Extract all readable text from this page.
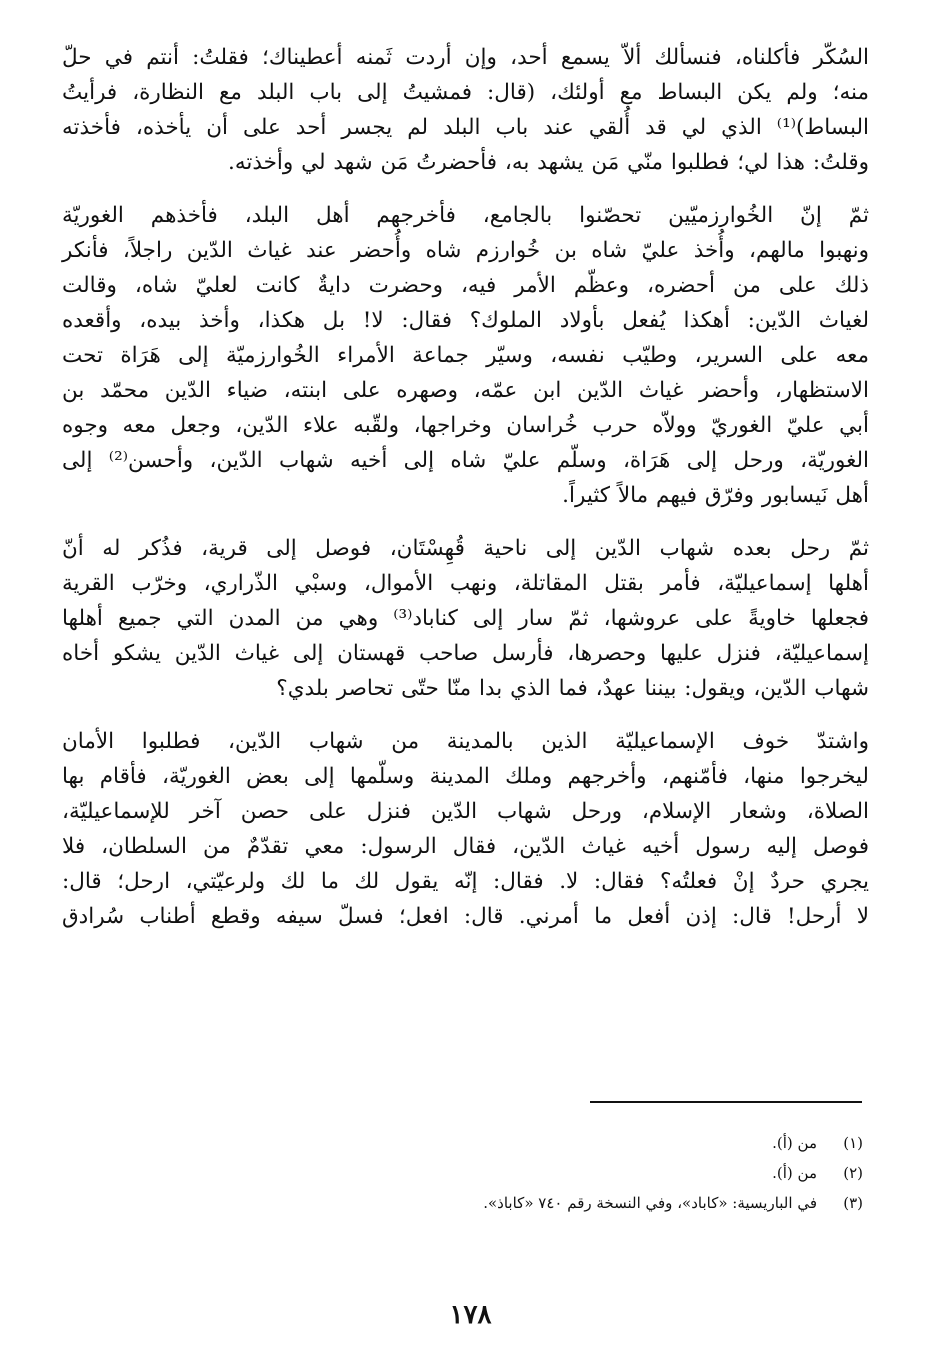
السُكّر فأكلناه، فنسألك ألاّ يسمع أحد، وإن أردت ثَمنه أعطيناك؛ فقلتُ: أنتم في حلّ
منه؛ ولم يكن البساط مع أولئك، (قال: فمشيتُ إلى باب البلد مع النظارة، فرأيتُ
البساط)⁽¹⁾ الذي لي قد أُلقي عند باب البلد لم يجسر أحد على أن يأخذه، فأخذته
وقلتُ: هذا لي؛ فطلبوا منّي مَن يشهد به، فأحضرتُ مَن شهد لي وأخذته.
ثمّ إنّ الخُوارزميّين تحصّنوا بالجامع، فأخرجهم أهل البلد، فأخذهم الغوريّة
ونهبوا مالهم، وأُخذ عليّ شاه بن خُوارزم شاه وأُحضر عند غياث الدّين راجلاً، فأنكر
ذلك على من أحضره، وعظّم الأمر فيه، وحضرت دايةٌ كانت لعليّ شاه، وقالت
لغياث الدّين: أهكذا يُفعل بأولاد الملوك؟ فقال: لا! بل هكذا، وأخذ بيده، وأقعده
معه على السرير، وطيّب نفسه، وسيّر جماعة الأمراء الخُوارزميّة إلى هَرَاة تحت
الاستظهار، وأحضر غياث الدّين ابن عمّه، وصهره على ابنته، ضياء الدّين محمّد بن
أبي عليّ الغوريّ وولاّه حرب خُراسان وخراجها، ولقّبه علاء الدّين، وجعل معه وجوه
الغوريّة، ورحل إلى هَرَاة، وسلّم عليّ شاه إلى أخيه شهاب الدّين، وأحسن⁽²⁾ إلى
أهل نَيسابور وفرّق فيهم مالاً كثيراً.
ثمّ رحل بعده شهاب الدّين إلى ناحية قُهِسْتَان، فوصل إلى قرية، فذُكر له أنّ
أهلها إسماعيليّة، فأمر بقتل المقاتلة، ونهب الأموال، وسبْي الذّراري، وخرّب القرية
فجعلها خاويةً على عروشها، ثمّ سار إلى كناباد⁽³⁾ وهي من المدن التي جميع أهلها
إسماعيليّة، فنزل عليها وحصرها، فأرسل صاحب قهستان إلى غياث الدّين يشكو أخاه
شهاب الدّين، ويقول: بيننا عهدٌ، فما الذي بدا منّا حتّى تحاصر بلدي؟
واشتدّ خوف الإسماعيليّة الذين بالمدينة من شهاب الدّين، فطلبوا الأمان
ليخرجوا منها، فأمّنهم، وأخرجهم وملك المدينة وسلّمها إلى بعض الغوريّة، فأقام بها
الصلاة، وشعار الإسلام، ورحل شهاب الدّين فنزل على حصن آخر للإسماعيليّة،
فوصل إليه رسول أخيه غياث الدّين، فقال الرسول: معي تقدّمٌ من السلطان، فلا
يجري حردٌ إنْ فعلتُه؟ فقال: لا. فقال: إنّه يقول لك ما لك ولرعيّتي، ارحل؛ قال:
لا أرحل! قال: إذن أفعل ما أمرني. قال: افعل؛ فسلّ سيفه وقطع أطناب سُرادق
(١)
من (أ).
(٢)
من (أ).
(٣)
في الباريسية: «كاباد»، وفي النسخة رقم ٧٤٠ «كاباذ».
١٧٨
